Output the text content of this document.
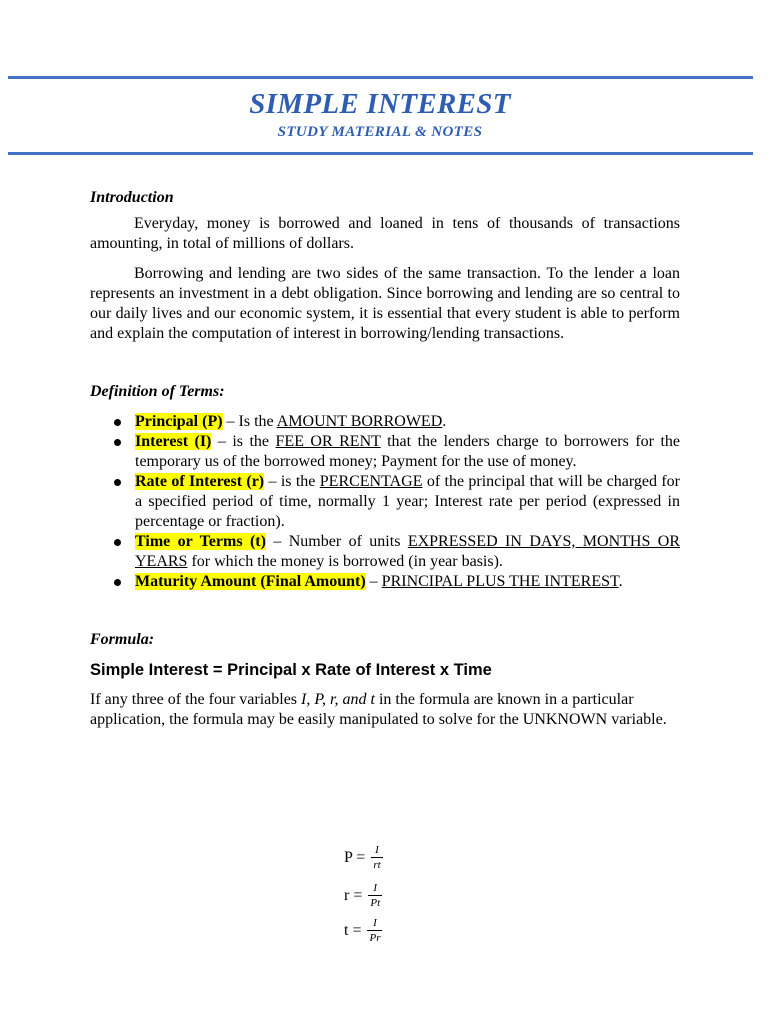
SIMPLE INTEREST
STUDY MATERIAL & NOTES

Introduction

Everyday, money is borrowed and loaned in tens of thousands of transactions amounting, in total of millions of dollars.

Borrowing and lending are two sides of the same transaction. To the lender a loan represents an investment in a debt obligation. Since borrowing and lending are so central to our daily lives and our economic system, it is essential that every student is able to perform and explain the computation of interest in borrowing/lending transactions.

Definition of Terms:

Principal (P) – Is the AMOUNT BORROWED.
Interest (I) – is the FEE OR RENT that the lenders charge to borrowers for the temporary us of the borrowed money; Payment for the use of money.
Rate of Interest (r) – is the PERCENTAGE of the principal that will be charged for a specified period of time, normally 1 year; Interest rate per period (expressed in percentage or fraction).
Time or Terms (t) – Number of units EXPRESSED IN DAYS, MONTHS OR YEARS for which the money is borrowed (in year basis).
Maturity Amount (Final Amount) – PRINCIPAL PLUS THE INTEREST.

Formula:

Simple Interest = Principal x Rate of Interest x Time

If any three of the four variables I, P, r, and t in the formula are known in a particular application, the formula may be easily manipulated to solve for the UNKNOWN variable.

$P = \frac{I}{rt}$
$r = \frac{I}{Pt}$
$t = \frac{I}{Pr}$
